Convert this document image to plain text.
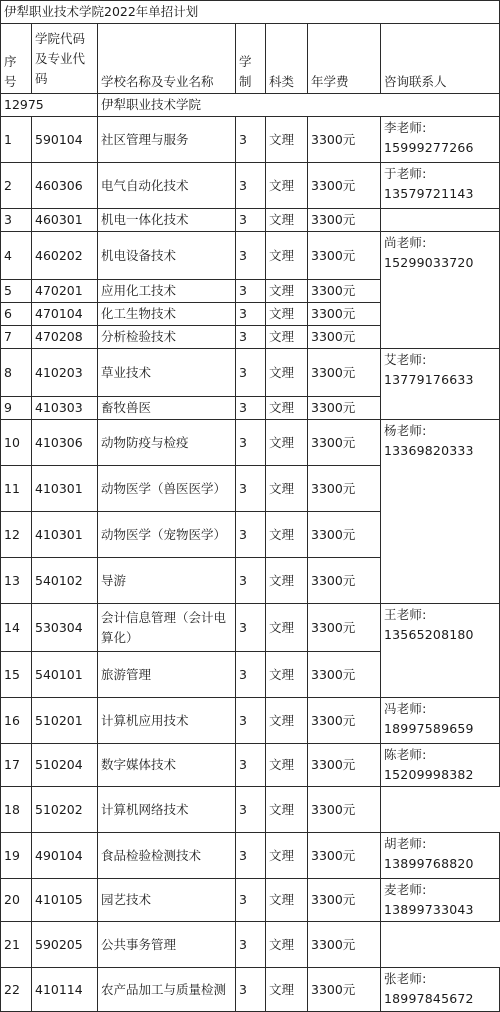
伊犁职业技术学院2022年单招计划						
序号	学院代码及专业代码	学校名称及专业名称	学制	科类	年学费	咨询联系人
12975		伊犁职业技术学院				
1	590104	社区管理与服务	3	文理	3300元	李老师:
15999277266

2	460306	电气自动化技术	3	文理	3300元	于老师:
13579721143

3	460301	机电一体化技术	3	文理	3300元	
4	460202	机电设备技术	3	文理	3300元	尚老师:
15299033720

5	470201	应用化工技术	3	文理	3300元	
6	470104	化工生物技术	3	文理	3300元	
7	470208	分析检验技术	3	文理	3300元	
8	410203	草业技术	3	文理	3300元	艾老师:
13779176633

9	410303	畜牧兽医	3	文理	3300元	
10	410306	动物防疫与检疫	3	文理	3300元	杨老师:
13369820333

11	410301	动物医学（兽医医学）	3	文理	3300元	
12	410301	动物医学（宠物医学）	3	文理	3300元	
13	540102	导游	3	文理	3300元	
14	530304	会计信息管理（会计电算化）	3	文理	3300元	王老师:
13565208180

15	540101	旅游管理	3	文理	3300元	
16	510201	计算机应用技术	3	文理	3300元	冯老师:
18997589659

17	510204	数字媒体技术	3	文理	3300元	陈老师:
15209998382

18	510202	计算机网络技术	3	文理	3300元	
19	490104	食品检验检测技术	3	文理	3300元	胡老师:
13899768820

20	410105	园艺技术	3	文理	3300元	麦老师:
13899733043

21	590205	公共事务管理	3	文理	3300元	
22	410114	农产品加工与质量检测	3	文理	3300元	张老师:
18997845672
